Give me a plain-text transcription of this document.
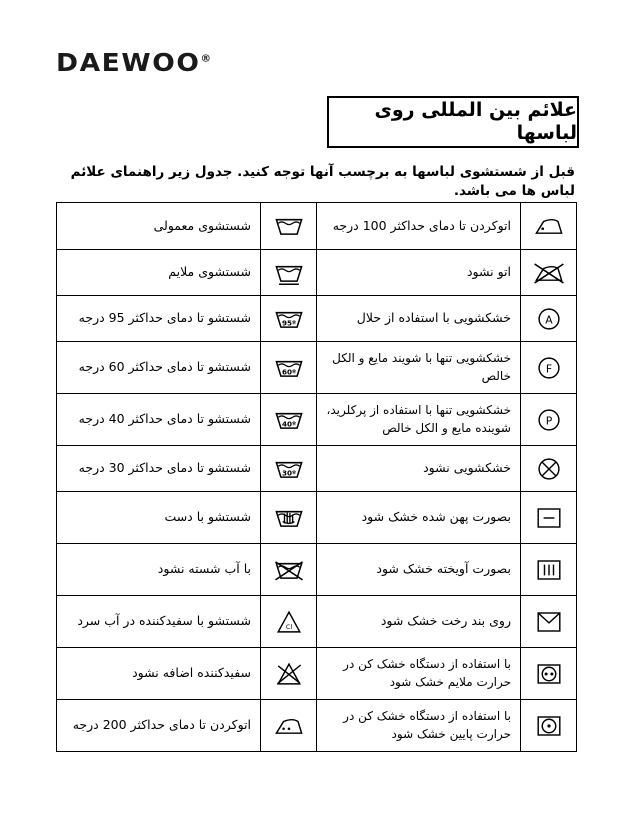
DAEWOO®
علائم بین المللی روی لباسها
قبل از شستشوی لباسها به برچسب آنها توجه کنید. جدول زیر راهنمای علائم لباس ها می باشد.

اتوکردن تا دمای حداکثر 100 درجه		شستشوی معمولی

اتو نشود		شستشوی ملایم

A	خشکشویی با استفاده از حلال	95º	شستشو تا دمای حداکثر 95 درجه

F	خشکشویی تنها با شویند مایع و الکل خالص	60º	شستشو تا دمای حداکثر 60 درجه

P	خشکشویی تنها با استفاده از پرکلرید، شوینده مایع و الکل خالص	40º	شستشو تا دمای حداکثر 40 درجه

خشکشویی نشود	30º	شستشو تا دمای حداکثر 30 درجه

بصورت پهن شده خشک شود		شستشو با دست

بصورت آویخته خشک شود		با آب شسته نشود

روی بند رخت خشک شود	Cl	شستشو با سفیدکننده در آب سرد

با استفاده از دستگاه خشک کن در حرارت ملایم خشک شود		سفیدکننده اضافه نشود

با استفاده از دستگاه خشک کن در حرارت پایین خشک شود		اتوکردن تا دمای حداکثر 200 درجه
